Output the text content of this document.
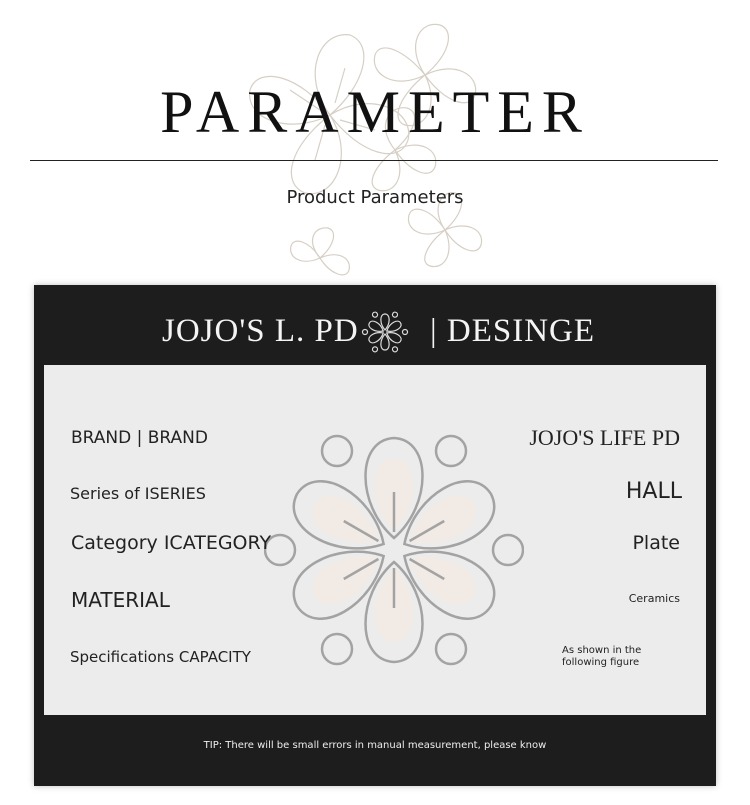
PARAMETER
Product Parameters
JOJO'S L. PD | DESINGE
BRAND | BRAND
Series of ISERIES
Category ICATEGORY
MATERIAL
Specifications CAPACITY
JOJO'S LIFE PD
HALL
Plate
Ceramics
As shown in the
following figure
TIP: There will be small errors in manual measurement, please know
